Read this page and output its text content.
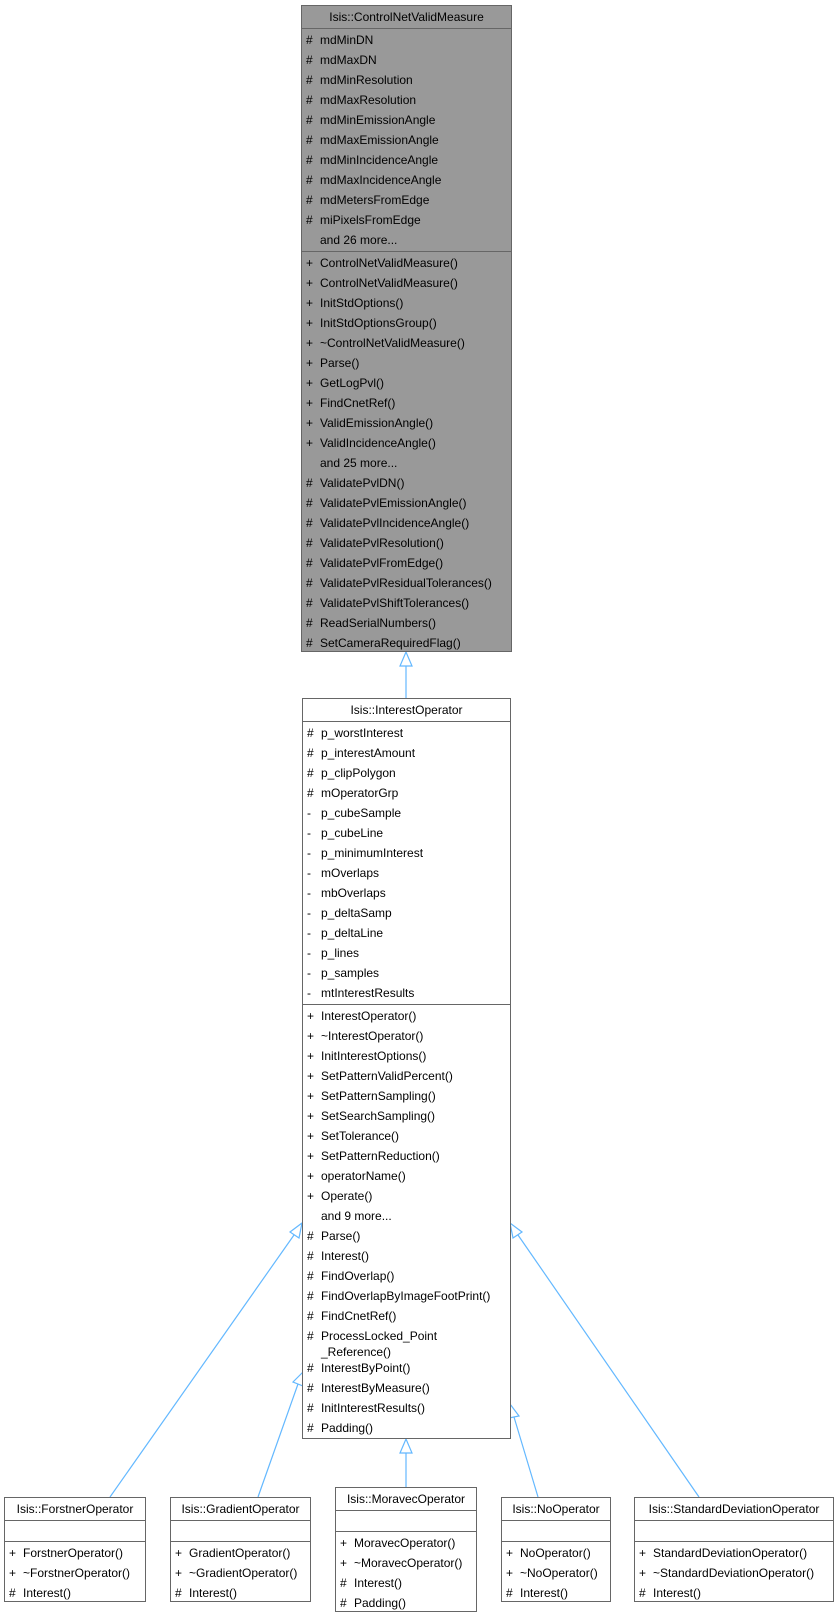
Isis::ControlNetValidMeasure
# mdMinDN
# mdMaxDN
# mdMinResolution
# mdMaxResolution
# mdMinEmissionAngle
# mdMaxEmissionAngle
# mdMinIncidenceAngle
# mdMaxIncidenceAngle
# mdMetersFromEdge
# miPixelsFromEdge
and 26 more...
+ ControlNetValidMeasure()
+ ControlNetValidMeasure()
+ InitStdOptions()
+ InitStdOptionsGroup()
+ ~ControlNetValidMeasure()
+ Parse()
+ GetLogPvl()
+ FindCnetRef()
+ ValidEmissionAngle()
+ ValidIncidenceAngle()
and 25 more...
# ValidatePvlDN()
# ValidatePvlEmissionAngle()
# ValidatePvlIncidenceAngle()
# ValidatePvlResolution()
# ValidatePvlFromEdge()
# ValidatePvlResidualTolerances()
# ValidatePvlShiftTolerances()
# ReadSerialNumbers()
# SetCameraRequiredFlag()
Isis::InterestOperator
# p_worstInterest
# p_interestAmount
# p_clipPolygon
# mOperatorGrp
- p_cubeSample
- p_cubeLine
- p_minimumInterest
- mOverlaps
- mbOverlaps
- p_deltaSamp
- p_deltaLine
- p_lines
- p_samples
- mtInterestResults
+ InterestOperator()
+ ~InterestOperator()
+ InitInterestOptions()
+ SetPatternValidPercent()
+ SetPatternSampling()
+ SetSearchSampling()
+ SetTolerance()
+ SetPatternReduction()
+ operatorName()
+ Operate()
and 9 more...
# Parse()
# Interest()
# FindOverlap()
# FindOverlapByImageFootPrint()
# FindCnetRef()
# ProcessLocked_Point
_Reference()
# InterestByPoint()
# InterestByMeasure()
# InitInterestResults()
# Padding()
Isis::ForstnerOperator
+ ForstnerOperator()
+ ~ForstnerOperator()
# Interest()
Isis::GradientOperator
+ GradientOperator()
+ ~GradientOperator()
# Interest()
Isis::MoravecOperator
+ MoravecOperator()
+ ~MoravecOperator()
# Interest()
# Padding()
Isis::NoOperator
+ NoOperator()
+ ~NoOperator()
# Interest()
Isis::StandardDeviationOperator
+ StandardDeviationOperator()
+ ~StandardDeviationOperator()
# Interest()
